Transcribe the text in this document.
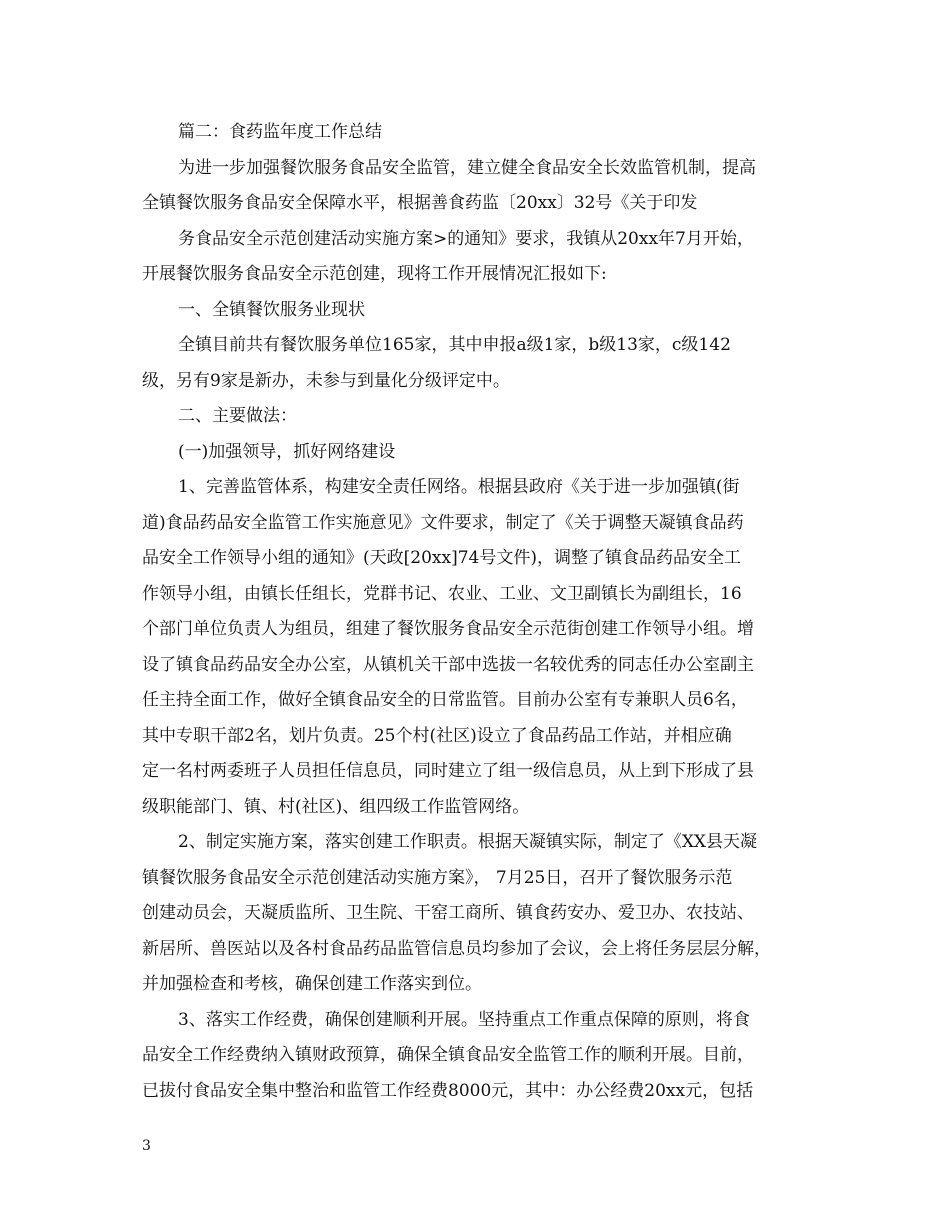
篇二：食药监年度工作总结
为进一步加强餐饮服务食品安全监管，建立健全食品安全长效监管机制，提高
全镇餐饮服务食品安全保障水平，根据善食药监〔20xx〕32号《关于印发
务食品安全示范创建活动实施方案>的通知》要求，我镇从20xx年7月开始，
开展餐饮服务食品安全示范创建，现将工作开展情况汇报如下:
一、全镇餐饮服务业现状
全镇目前共有餐饮服务单位165家，其中申报a级1家，b级13家，c级142
级，另有9家是新办，未参与到量化分级评定中。
二、主要做法：
(一)加强领导，抓好网络建设
1、完善监管体系，构建安全责任网络。根据县政府《关于进一步加强镇(街
道)食品药品安全监管工作实施意见》文件要求，制定了《关于调整天凝镇食品药
品安全工作领导小组的通知》(天政[20xx]74号文件)，调整了镇食品药品安全工
作领导小组，由镇长任组长，党群书记、农业、工业、文卫副镇长为副组长，16
个部门单位负责人为组员，组建了餐饮服务食品安全示范街创建工作领导小组。增
设了镇食品药品安全办公室，从镇机关干部中选拔一名较优秀的同志任办公室副主
任主持全面工作，做好全镇食品安全的日常监管。目前办公室有专兼职人员6名，
其中专职干部2名，划片负责。25个村(社区)设立了食品药品工作站，并相应确
定一名村两委班子人员担任信息员，同时建立了组一级信息员，从上到下形成了县
级职能部门、镇、村(社区)、组四级工作监管网络。
2、制定实施方案，落实创建工作职责。根据天凝镇实际，制定了《XX县天凝
镇餐饮服务食品安全示范创建活动实施方案》， 7月25日，召开了餐饮服务示范
创建动员会，天凝质监所、卫生院、干窑工商所、镇食药安办、爱卫办、农技站、
新居所、兽医站以及各村食品药品监管信息员均参加了会议，会上将任务层层分解，
并加强检查和考核，确保创建工作落实到位。
3、落实工作经费，确保创建顺利开展。坚持重点工作重点保障的原则，将食
品安全工作经费纳入镇财政预算，确保全镇食品安全监管工作的顺利开展。目前，
已拔付食品安全集中整治和监管工作经费8000元，其中：办公经费20xx元，包括
3
